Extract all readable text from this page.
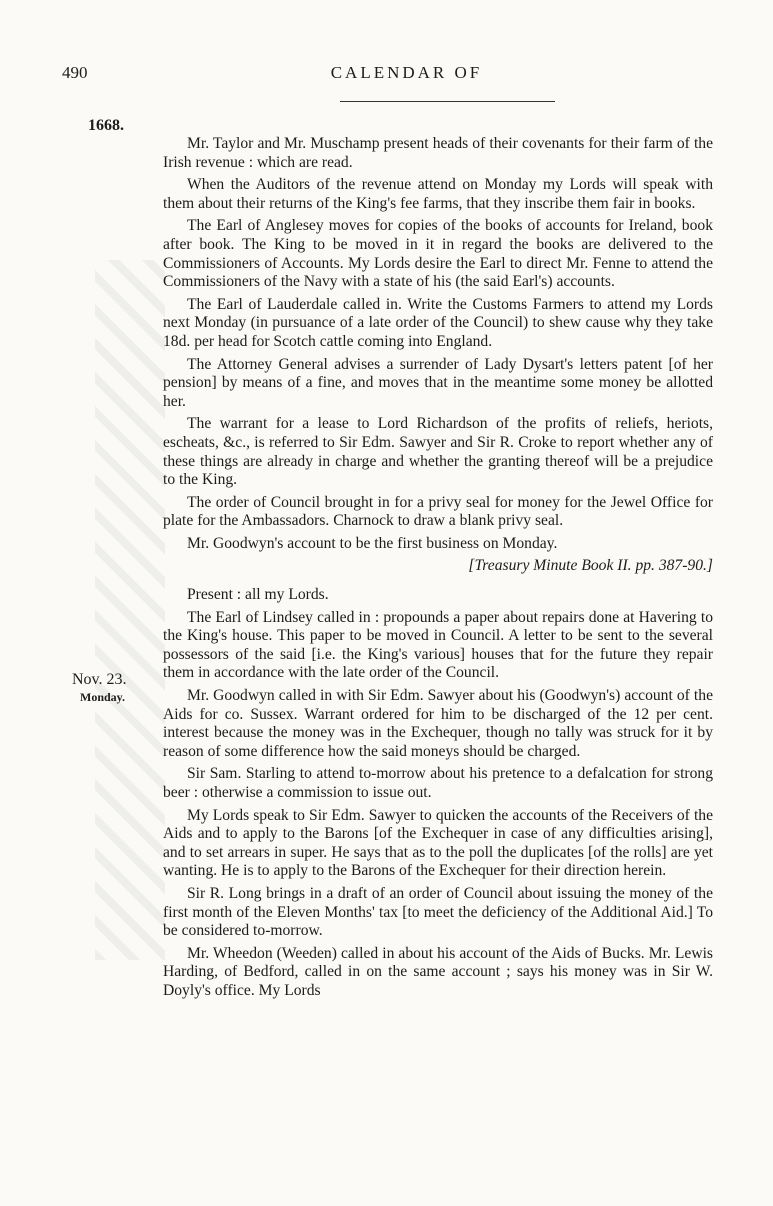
490	CALENDAR OF
1668.
Nov. 23.
Monday.

Mr. Taylor and Mr. Muschamp present heads of their covenants for their farm of the Irish revenue : which are read.

When the Auditors of the revenue attend on Monday my Lords will speak with them about their returns of the King's fee farms, that they inscribe them fair in books.

The Earl of Anglesey moves for copies of the books of accounts for Ireland, book after book. The King to be moved in it in regard the books are delivered to the Commissioners of Accounts. My Lords desire the Earl to direct Mr. Fenne to attend the Commissioners of the Navy with a state of his (the said Earl's) accounts.

The Earl of Lauderdale called in. Write the Customs Farmers to attend my Lords next Monday (in pursuance of a late order of the Council) to shew cause why they take 18d. per head for Scotch cattle coming into England.

The Attorney General advises a surrender of Lady Dysart's letters patent [of her pension] by means of a fine, and moves that in the meantime some money be allotted her.

The warrant for a lease to Lord Richardson of the profits of reliefs, heriots, escheats, &c., is referred to Sir Edm. Sawyer and Sir R. Croke to report whether any of these things are already in charge and whether the granting thereof will be a prejudice to the King.

The order of Council brought in for a privy seal for money for the Jewel Office for plate for the Ambassadors. Charnock to draw a blank privy seal.

Mr. Goodwyn's account to be the first business on Monday.

[Treasury Minute Book II. pp. 387-90.]

Present : all my Lords.

The Earl of Lindsey called in : propounds a paper about repairs done at Havering to the King's house. This paper to be moved in Council. A letter to be sent to the several possessors of the said [i.e. the King's various] houses that for the future they repair them in accordance with the late order of the Council.

Mr. Goodwyn called in with Sir Edm. Sawyer about his (Goodwyn's) account of the Aids for co. Sussex. Warrant ordered for him to be discharged of the 12 per cent. interest because the money was in the Exchequer, though no tally was struck for it by reason of some difference how the said moneys should be charged.

Sir Sam. Starling to attend to-morrow about his pretence to a defalcation for strong beer : otherwise a commission to issue out.

My Lords speak to Sir Edm. Sawyer to quicken the accounts of the Receivers of the Aids and to apply to the Barons [of the Exchequer in case of any difficulties arising], and to set arrears in super. He says that as to the poll the duplicates [of the rolls] are yet wanting. He is to apply to the Barons of the Exchequer for their direction herein.

Sir R. Long brings in a draft of an order of Council about issuing the money of the first month of the Eleven Months' tax [to meet the deficiency of the Additional Aid.] To be considered to-morrow.

Mr. Wheedon (Weeden) called in about his account of the Aids of Bucks. Mr. Lewis Harding, of Bedford, called in on the same account ; says his money was in Sir W. Doyly's office. My Lords
